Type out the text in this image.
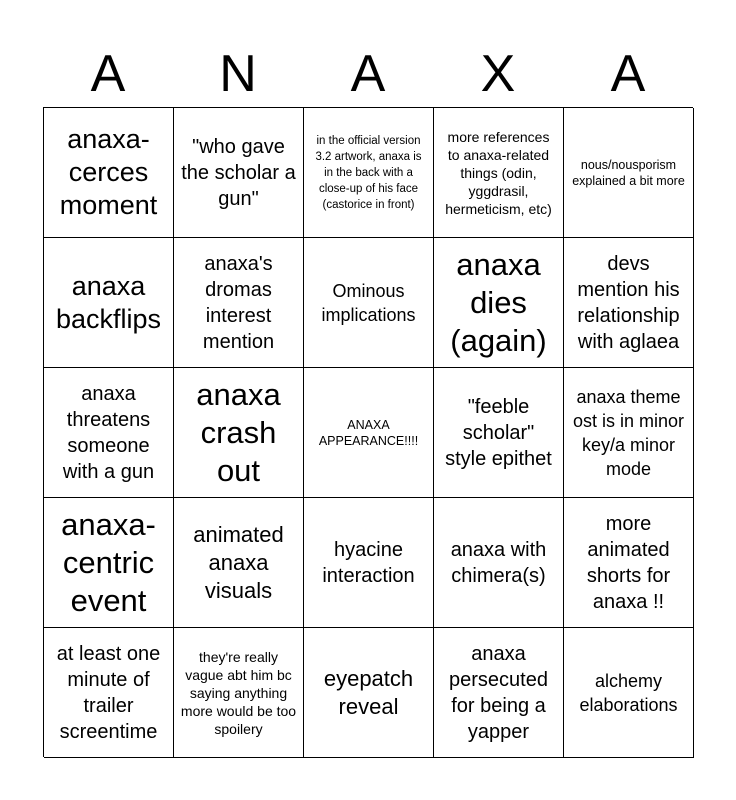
A	N	A	X	A
anaxa-cerces moment
"who gave the scholar a gun"
in the official version 3.2 artwork, anaxa is in the back with a close-up of his face (castorice in front)
more references to anaxa-related things (odin, yggdrasil, hermeticism, etc)
nous/nousporism explained a bit more
anaxa backflips
anaxa's dromas interest mention
Ominous implications
anaxa dies (again)
devs mention his relationship with aglaea
anaxa threatens someone with a gun
anaxa crash out
ANAXA APPEARANCE!!!!
"feeble scholar" style epithet
anaxa theme ost is in minor key/a minor mode
anaxa-centric event
animated anaxa visuals
hyacine interaction
anaxa with chimera(s)
more animated shorts for anaxa !!
at least one minute of trailer screentime
they're really vague abt him bc saying anything more would be too spoilery
eyepatch reveal
anaxa persecuted for being a yapper
alchemy elaborations
